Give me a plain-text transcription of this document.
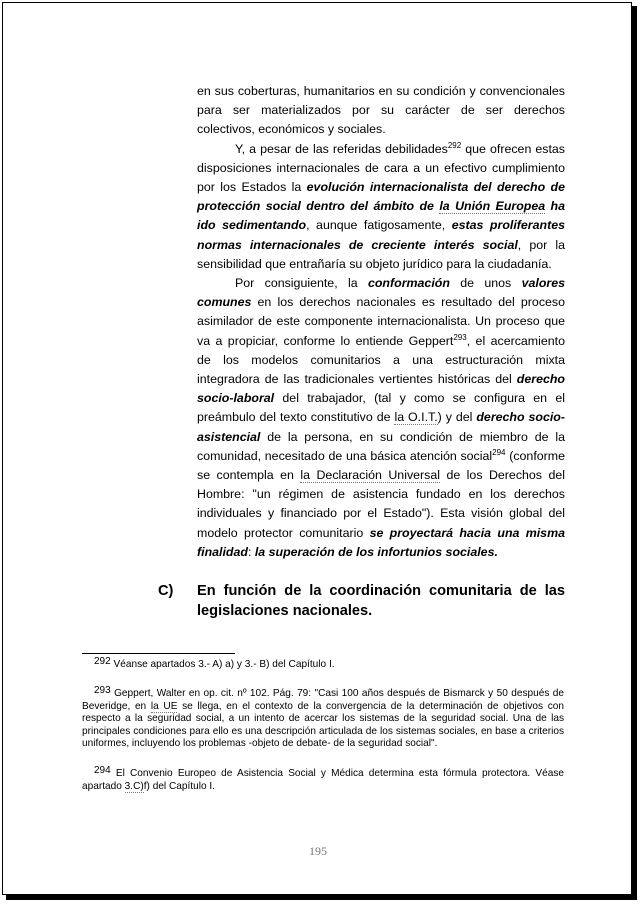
en sus coberturas, humanitarios en su condición y convencionales para ser materializados por su carácter de ser derechos colectivos, económicos y sociales.

Y, a pesar de las referidas debilidades$^{292}$ que ofrecen estas disposiciones internacionales de cara a un efectivo cumplimiento por los Estados la evolución internacionalista del derecho de protección social dentro del ámbito de la Unión Europea ha ido sedimentando, aunque fatigosamente, estas proliferantes normas internacionales de creciente interés social, por la sensibilidad que entrañaría su objeto jurídico para la ciudadanía.

Por consiguiente, la conformación de unos valores comunes en los derechos nacionales es resultado del proceso asimilador de este componente internacionalista. Un proceso que va a propiciar, conforme lo entiende Geppert$^{293}$, el acercamiento de los modelos comunitarios a una estructuración mixta integradora de las tradicionales vertientes históricas del derecho socio-laboral del trabajador, (tal y como se configura en el preámbulo del texto constitutivo de la O.I.T.) y del derecho socio-asistencial de la persona, en su condición de miembro de la comunidad, necesitado de una básica atención social$^{294}$ (conforme se contempla en la Declaración Universal de los Derechos del Hombre: "un régimen de asistencia fundado en los derechos individuales y financiado por el Estado"). Esta visión global del modelo protector comunitario se proyectará hacia una misma finalidad: la superación de los infortunios sociales.

C) En función de la coordinación comunitaria de las legislaciones nacionales.
292 Véanse apartados 3.- A) a) y 3.- B) del Capítulo I.
293 Geppert, Walter en op. cit. nº 102. Pág. 79: "Casi 100 años después de Bismarck y 50 después de Beveridge, en la UE se llega, en el contexto de la convergencia de la determinación de objetivos con respecto a la seguridad social, a un intento de acercar los sistemas de la seguridad social. Una de las principales condiciones para ello es una descripción articulada de los sistemas sociales, en base a criterios uniformes, incluyendo los problemas -objeto de debate- de la seguridad social".
294 El Convenio Europeo de Asistencia Social y Médica determina esta fórmula protectora. Véase apartado 3.C)f) del Capítulo I.
195
